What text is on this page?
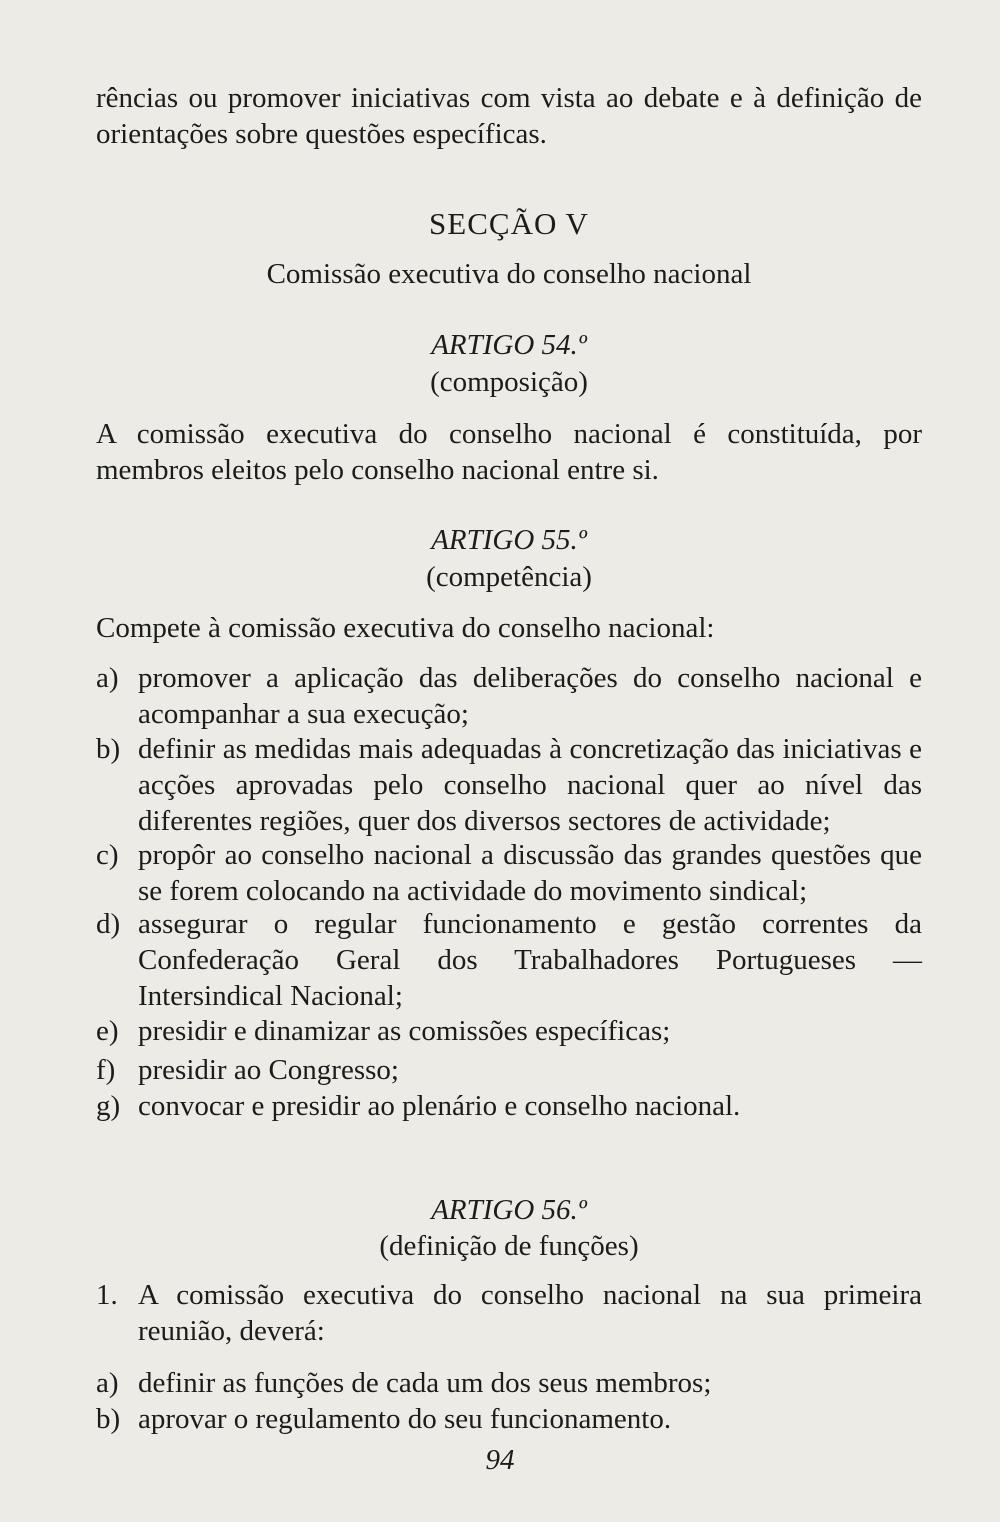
rências ou promover iniciativas com vista ao debate e à definição de orientações sobre questões específicas.
SECÇÃO V
Comissão executiva do conselho nacional
ARTIGO 54.º
(composição)
A comissão executiva do conselho nacional é constituída, por membros eleitos pelo conselho nacional entre si.
ARTIGO 55.º
(competência)
Compete à comissão executiva do conselho nacional:
a) promover a aplicação das deliberações do conselho nacional e acompanhar a sua execução;
b) definir as medidas mais adequadas à concretização das iniciativas e acções aprovadas pelo conselho nacional quer ao nível das diferentes regiões, quer dos diversos sectores de actividade;
c) propôr ao conselho nacional a discussão das grandes questões que se forem colocando na actividade do movimento sindical;
d) assegurar o regular funcionamento e gestão correntes da Confederação Geral dos Trabalhadores Portugueses — Intersindical Nacional;
e) presidir e dinamizar as comissões específicas;
f) presidir ao Congresso;
g) convocar e presidir ao plenário e conselho nacional.
ARTIGO 56.º
(definição de funções)
1. A comissão executiva do conselho nacional na sua primeira reunião, deverá:
a) definir as funções de cada um dos seus membros;
b) aprovar o regulamento do seu funcionamento.
94
